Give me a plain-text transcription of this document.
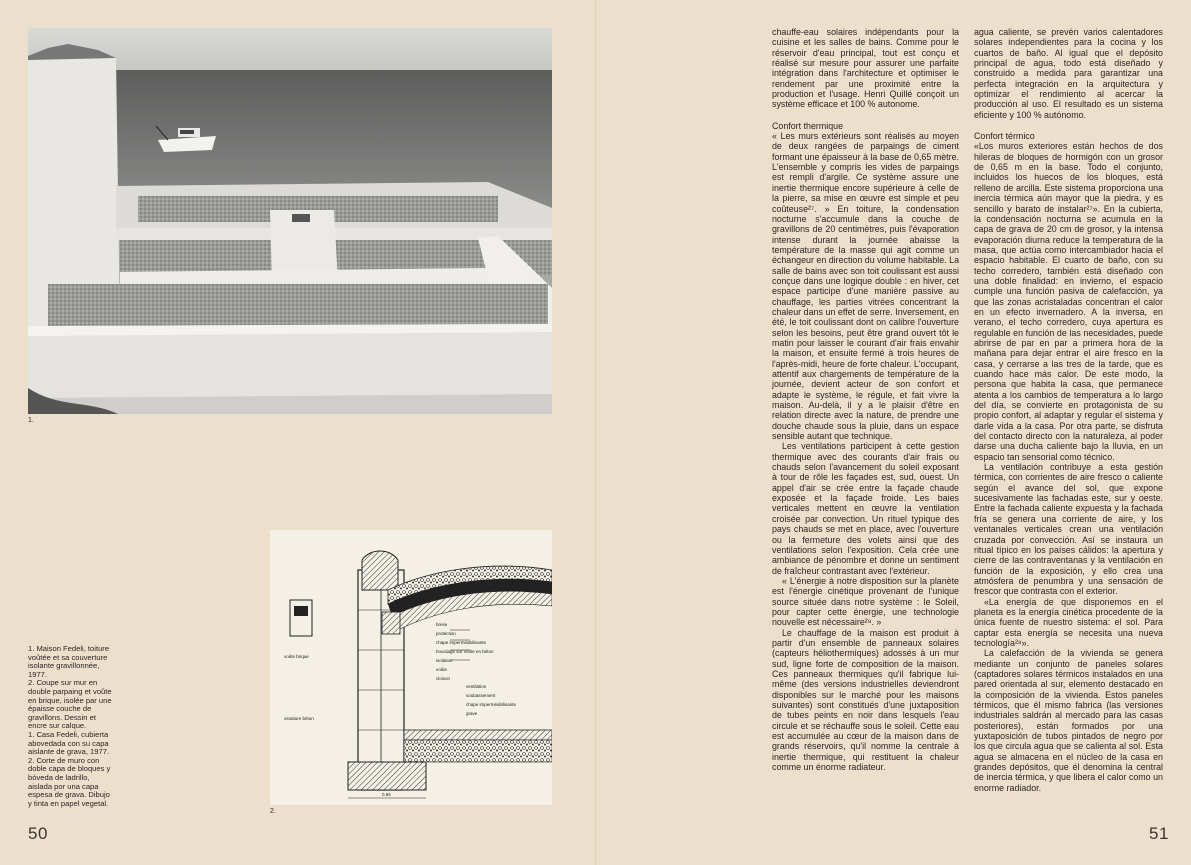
1.
brese
protection
chape imperméabilisante
hourdage sur voûte en béton
isolation
voûte
cloison
voûte brique
ventilation
soubassement
chape imperméabilisante
grave
ossature béton
0.65
2.

1. Maison Fedeli, toiture voûtée et sa couverture isolante gravillonnée, 1977.

2. Coupe sur mur en double parpaing et voûte en brique, isolée par une épaisse couche de gravillons. Dessin et encre sur calque.

1. Casa Fedeli, cubierta abovedada con su capa aislante de grava, 1977.

2. Corte de muro con doble capa de bloques y bóveda de ladrillo, aislada por una capa espesa de grava. Dibujo y tinta en papel vegetal.

chauffe-eau solaires indépendants pour la cuisine et les salles de bains. Comme pour le réservoir d'eau principal, tout est conçu et réalisé sur mesure pour assurer une parfaite intégration dans l'architecture et optimiser le rendement par une proximité entre la production et l'usage. Henri Quillé conçoit un système efficace et 100 % autonome.

Confort thermique

« Les murs extérieurs sont réalisés au moyen de deux rangées de parpaings de ciment formant une épaisseur à la base de 0,65 mètre. L'ensemble y compris les vides de parpaings est rempli d'argile. Ce système assure une inertie thermique encore supérieure à celle de la pierre, sa mise en œuvre est simple et peu coûteuse²⁷. » En toiture, la condensation nocturne s'accumule dans la couche de gravillons de 20 centimètres, puis l'évaporation intense durant la journée abaisse la température de la masse qui agit comme un échangeur en direction du volume habitable. La salle de bains avec son toit coulissant est aussi conçue dans une logique double : en hiver, cet espace participe d'une manière passive au chauffage, les parties vitrées concentrant la chaleur dans un effet de serre. Inversement, en été, le toit coulissant dont on calibre l'ouverture selon les besoins, peut être grand ouvert tôt le matin pour laisser le courant d'air frais envahir la maison, et ensuite fermé à trois heures de l'après-midi, heure de forte chaleur. L'occupant, attentif aux chargements de température de la journée, devient acteur de son confort et adapte le système, le régule, et fait vivre la maison. Au-delà, il y a le plaisir d'être en relation directe avec la nature, de prendre une douche chaude sous la pluie, dans un espace sensible autant que technique.

Les ventilations participent à cette gestion thermique avec des courants d'air frais ou chauds selon l'avancement du soleil exposant à tour de rôle les façades est, sud, ouest. Un appel d'air se crée entre la façade chaude exposée et la façade froide. Les baies verticales mettent en œuvre la ventilation croisée par convection. Un rituel typique des pays chauds se met en place, avec l'ouverture ou la fermeture des volets ainsi que des ventilations selon l'exposition. Cela crée une ambiance de pénombre et donne un sentiment de fraîcheur contrastant avec l'extérieur.

« L'énergie à notre disposition sur la planète est l'énergie cinétique provenant de l'unique source située dans notre système : le Soleil, pour capter cette énergie, une technologie nouvelle est nécessaire²⁸. »

Le chauffage de la maison est produit à partir d'un ensemble de panneaux solaires (capteurs héliothermiques) adossés à un mur sud, ligne forte de composition de la maison. Ces panneaux thermiques qu'il fabrique lui-même (des versions industrielles deviendront disponibles sur le marché pour les maisons suivantes) sont constitués d'une juxtaposition de tubes peints en noir dans lesquels l'eau circule et se réchauffe sous le soleil. Cette eau est accumulée au cœur de la maison dans de grands réservoirs, qu'il nomme la centrale à inertie thermique, qui restituent la chaleur comme un énorme radiateur.

agua caliente, se prevén varios calentadores solares independientes para la cocina y los cuartos de baño. Al igual que el depósito principal de agua, todo está diseñado y construido a medida para garantizar una perfecta integración en la arquitectura y optimizar el rendimiento al acercar la producción al uso. El resultado es un sistema eficiente y 100 % autónomo.

Confort térmico

«Los muros exteriores están hechos de dos hileras de bloques de hormigón con un grosor de 0,65 m en la base. Todo el conjunto, incluidos los huecos de los bloques, está relleno de arcilla. Este sistema proporciona una inercia térmica aún mayor que la piedra, y es sencillo y barato de instalar²⁷». En la cubierta, la condensación nocturna se acumula en la capa de grava de 20 cm de grosor, y la intensa evaporación diurna reduce la temperatura de la masa, que actúa como intercambiador hacia el espacio habitable. El cuarto de baño, con su techo corredero, también está diseñado con una doble finalidad: en invierno, el espacio cumple una función pasiva de calefacción, ya que las zonas acristaladas concentran el calor en un efecto invernadero. A la inversa, en verano, el techo corredero, cuya apertura es regulable en función de las necesidades, puede abrirse de par en par a primera hora de la mañana para dejar entrar el aire fresco en la casa, y cerrarse a las tres de la tarde, que es cuando hace más calor. De este modo, la persona que habita la casa, que permanece atenta a los cambios de temperatura a lo largo del día, se convierte en protagonista de su propio confort, al adaptar y regular el sistema y darle vida a la casa. Por otra parte, se disfruta del contacto directo con la naturaleza, al poder darse una ducha caliente bajo la lluvia, en un espacio tan sensorial como técnico.

La ventilación contribuye a esta gestión térmica, con corrientes de aire fresco o caliente según el avance del sol, que expone sucesivamente las fachadas este, sur y oeste. Entre la fachada caliente expuesta y la fachada fría se genera una corriente de aire, y los ventanales verticales crean una ventilación cruzada por convección. Así se instaura un ritual típico en los países cálidos: la apertura y cierre de las contraventanas y la ventilación en función de la exposición, y ello crea una atmósfera de penumbra y una sensación de frescor que contrasta con el exterior.

«La energía de que disponemos en el planeta es la energía cinética procedente de la única fuente de nuestro sistema: el sol. Para captar esta energía se necesita una nueva tecnología²⁸».

La calefacción de la vivienda se genera mediante un conjunto de paneles solares (captadores solares térmicos instalados en una pared orientada al sur, elemento destacado en la composición de la vivienda. Estos paneles térmicos, que él mismo fabrica (las versiones industriales saldrán al mercado para las casas posteriores), están formados por una yuxtaposición de tubos pintados de negro por los que circula agua que se calienta al sol. Esta agua se almacena en el núcleo de la casa en grandes depósitos, que él denomina la central de inercia térmica, y que libera el calor como un enorme radiador.

50	51
